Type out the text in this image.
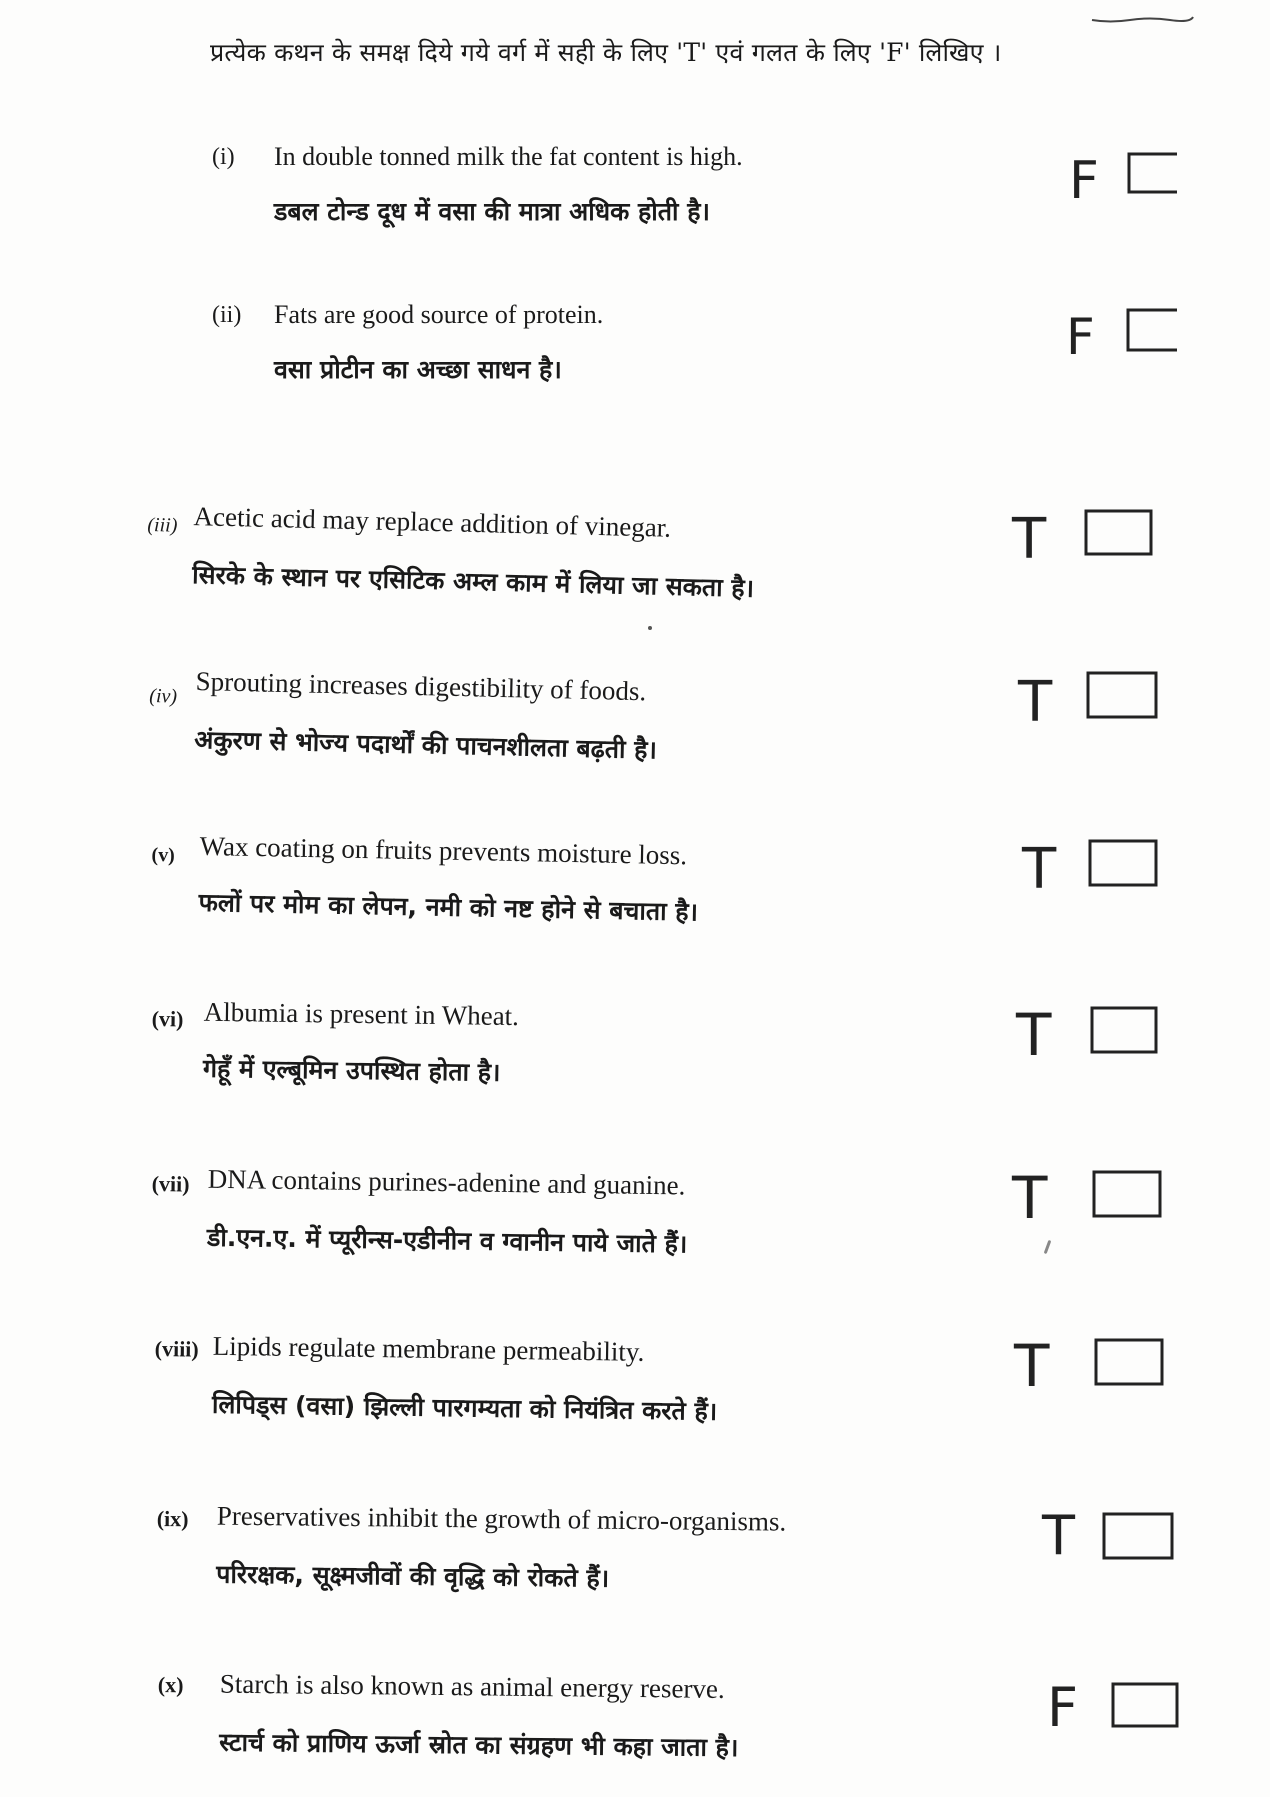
प्रत्येक कथन के समक्ष दिये गये वर्ग में सही के लिए 'T' एवं गलत के लिए 'F' लिखिए ।
(i) In double tonned milk the fat content is high.
डबल टोन्ड दूध में वसा की मात्रा अधिक होती है।
F
(ii) Fats are good source of protein.
वसा प्रोटीन का अच्छा साधन है।
F
(iii) Acetic acid may replace addition of vinegar.
सिरके के स्थान पर एसिटिक अम्ल काम में लिया जा सकता है।
T
(iv) Sprouting increases digestibility of foods.
अंकुरण से भोज्य पदार्थों की पाचनशीलता बढ़ती है।
T
(v) Wax coating on fruits prevents moisture loss.
फलों पर मोम का लेपन, नमी को नष्ट होने से बचाता है।
T
(vi) Albumia is present in Wheat.
गेहूँ में एल्बूमिन उपस्थित होता है।
T
(vii) DNA contains purines-adenine and guanine.
डी.एन.ए. में प्यूरीन्स-एडीनीन व ग्वानीन पाये जाते हैं।
T
(viii) Lipids regulate membrane permeability.
लिपिड्स (वसा) झिल्ली पारगम्यता को नियंत्रित करते हैं।
T
(ix) Preservatives inhibit the growth of micro-organisms.
परिरक्षक, सूक्ष्मजीवों की वृद्धि को रोकते हैं।
T
(x) Starch is also known as animal energy reserve.
स्टार्च को प्राणिय ऊर्जा स्रोत का संग्रहण भी कहा जाता है।
F
